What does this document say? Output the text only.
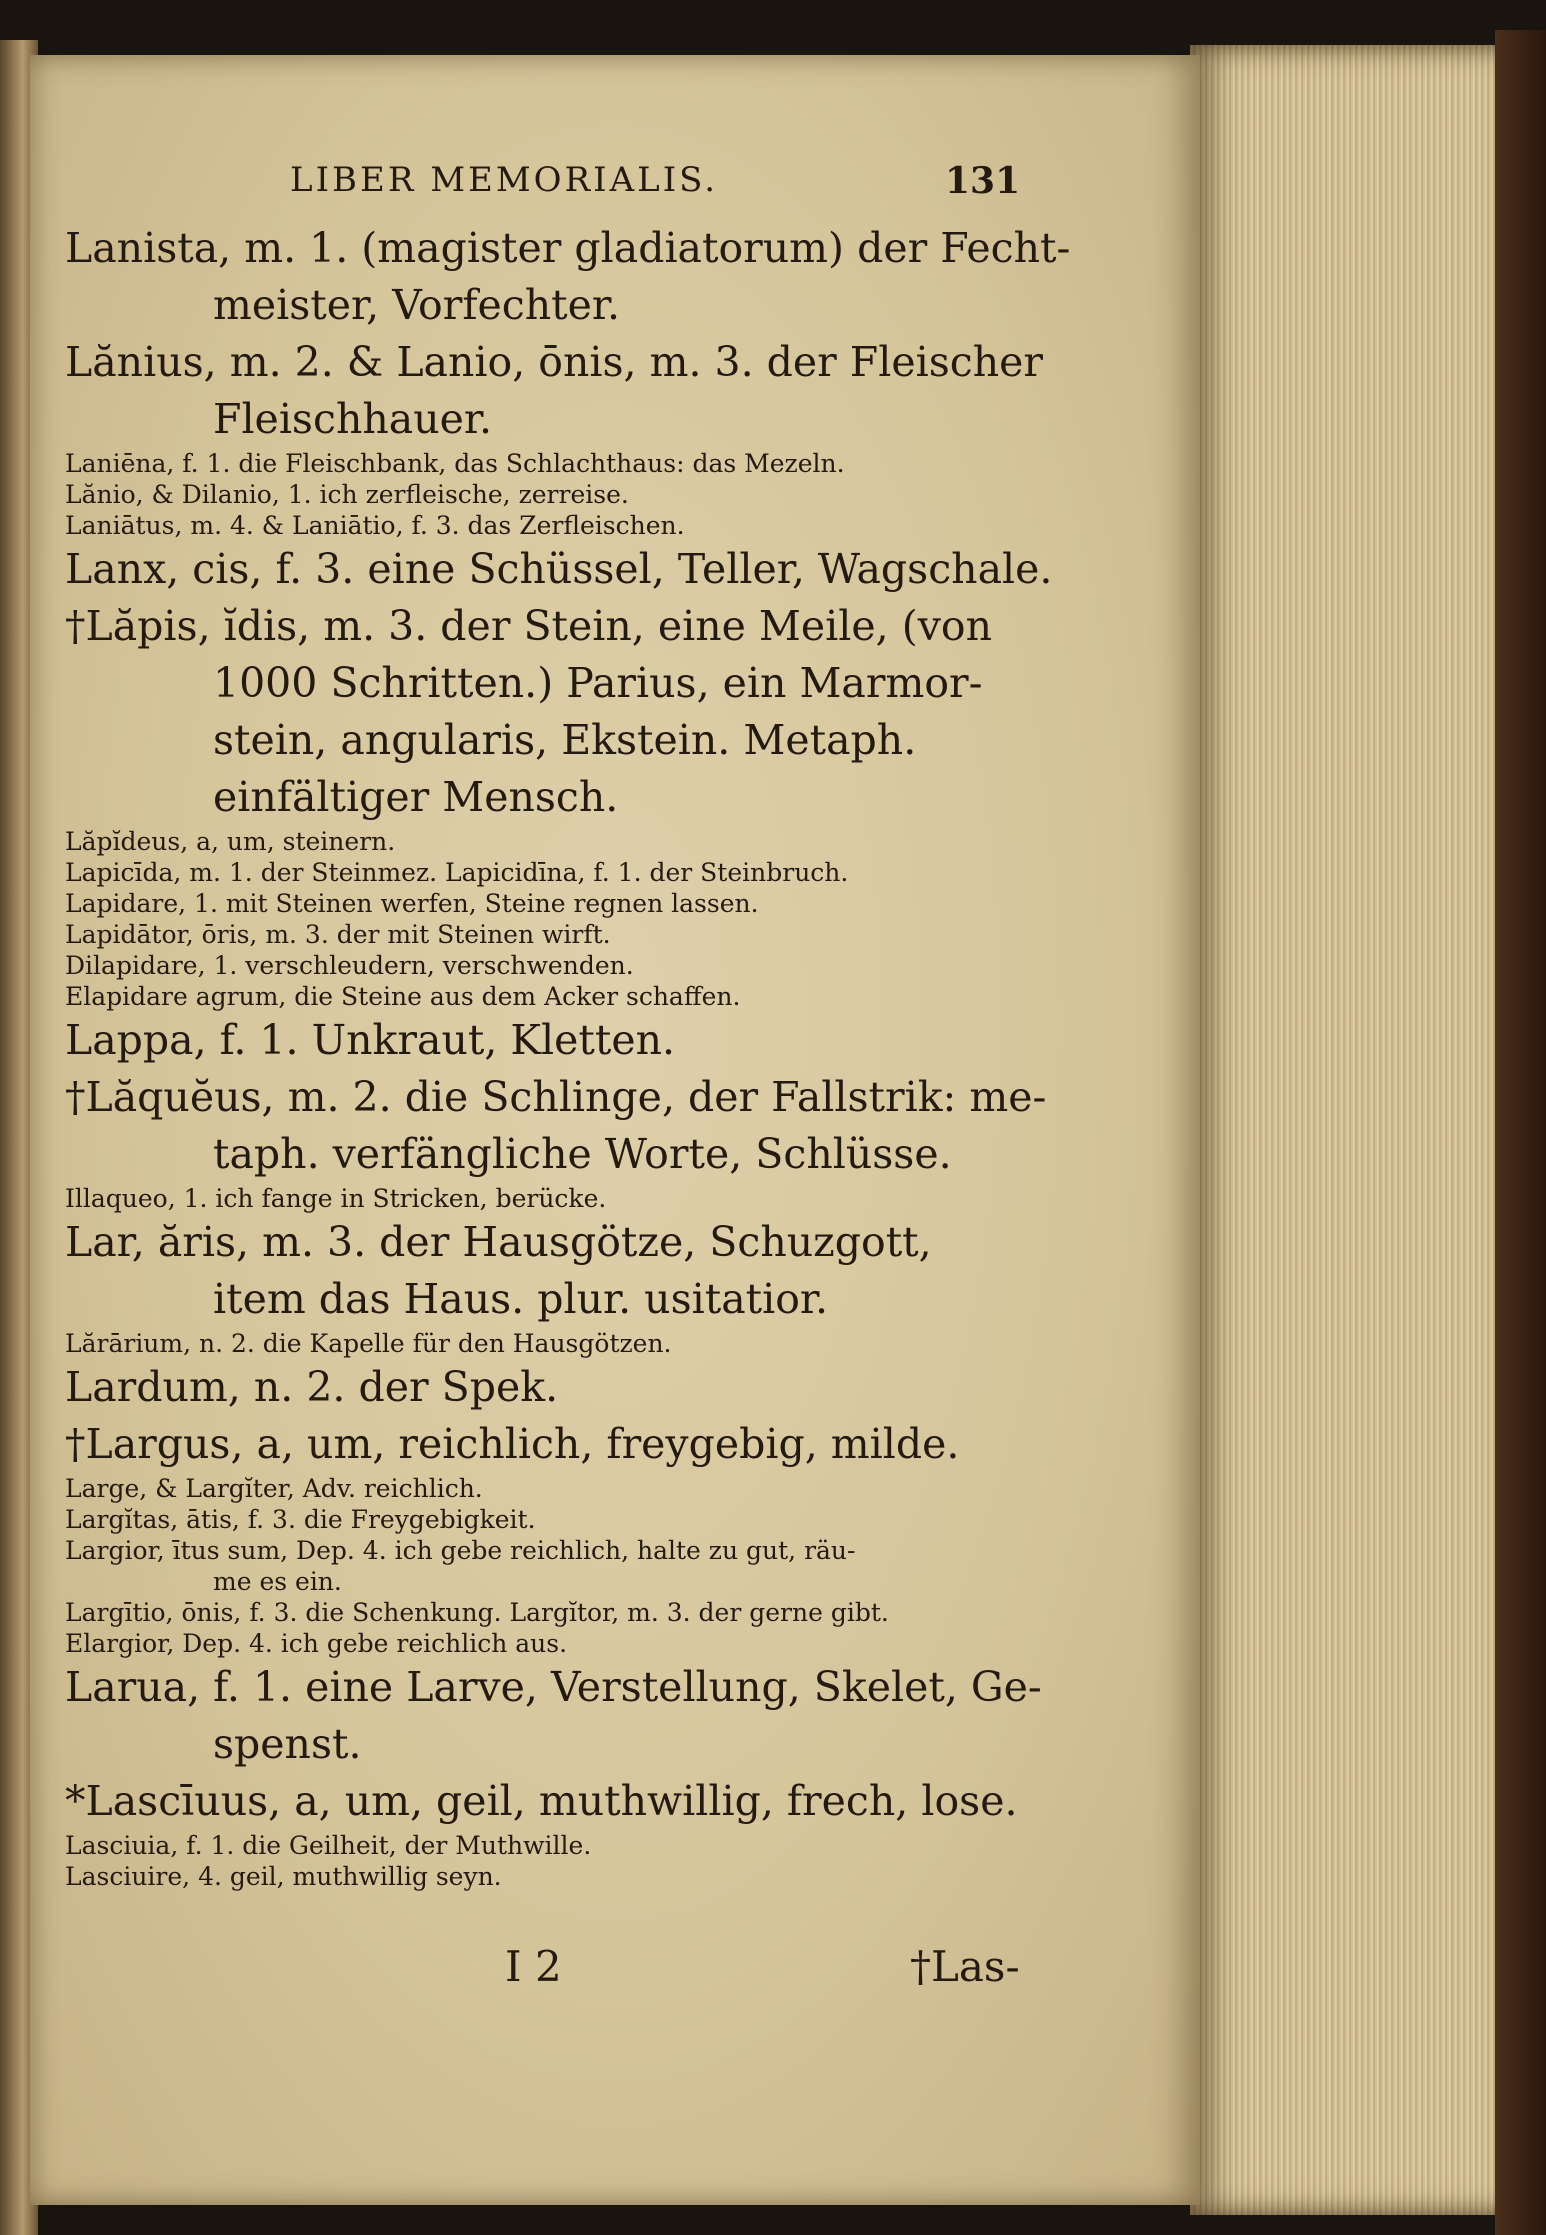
LIBER MEMORIALIS.	131
Lanista, m. 1. (magister gladiatorum) der Fecht-
meister, Vorfechter.
Lănius, m. 2. & Lanio, ōnis, m. 3. der Fleischer
Fleischhauer.
Laniēna, f. 1. die Fleischbank, das Schlachthaus: das Mezeln.
Lănio, & Dilanio, 1. ich zerfleische, zerreise.
Laniātus, m. 4. & Laniātio, f. 3. das Zerfleischen.
Lanx, cis, f. 3. eine Schüssel, Teller, Wagschale.
†Lăpis, ĭdis, m. 3. der Stein, eine Meile, (von
1000 Schritten.) Parius, ein Marmor-
stein, angularis, Ekstein. Metaph.
einfältiger Mensch.
Lăpĭdeus, a, um, steinern.
Lapicīda, m. 1. der Steinmez. Lapicidīna, f. 1. der Steinbruch.
Lapidare, 1. mit Steinen werfen, Steine regnen lassen.
Lapidātor, ōris, m. 3. der mit Steinen wirft.
Dilapidare, 1. verschleudern, verschwenden.
Elapidare agrum, die Steine aus dem Acker schaffen.
Lappa, f. 1. Unkraut, Kletten.
†Lăquĕus, m. 2. die Schlinge, der Fallstrik: me-
taph. verfängliche Worte, Schlüsse.
Illaqueo, 1. ich fange in Stricken, berücke.
Lar, ăris, m. 3. der Hausgötze, Schuzgott,
item das Haus. plur. usitatior.
Lărārium, n. 2. die Kapelle für den Hausgötzen.
Lardum, n. 2. der Spek.
†Largus, a, um, reichlich, freygebig, milde.
Large, & Largĭter, Adv. reichlich.
Largĭtas, ātis, f. 3. die Freygebigkeit.
Largior, ītus sum, Dep. 4. ich gebe reichlich, halte zu gut, räu-
me es ein.
Largītio, ōnis, f. 3. die Schenkung. Largĭtor, m. 3. der gerne gibt.
Elargior, Dep. 4. ich gebe reichlich aus.
Larua, f. 1. eine Larve, Verstellung, Skelet, Ge-
spenst.
*Lascīuus, a, um, geil, muthwillig, frech, lose.
Lasciuia, f. 1. die Geilheit, der Muthwille.
Lasciuire, 4. geil, muthwillig seyn.
I 2	†Las-
